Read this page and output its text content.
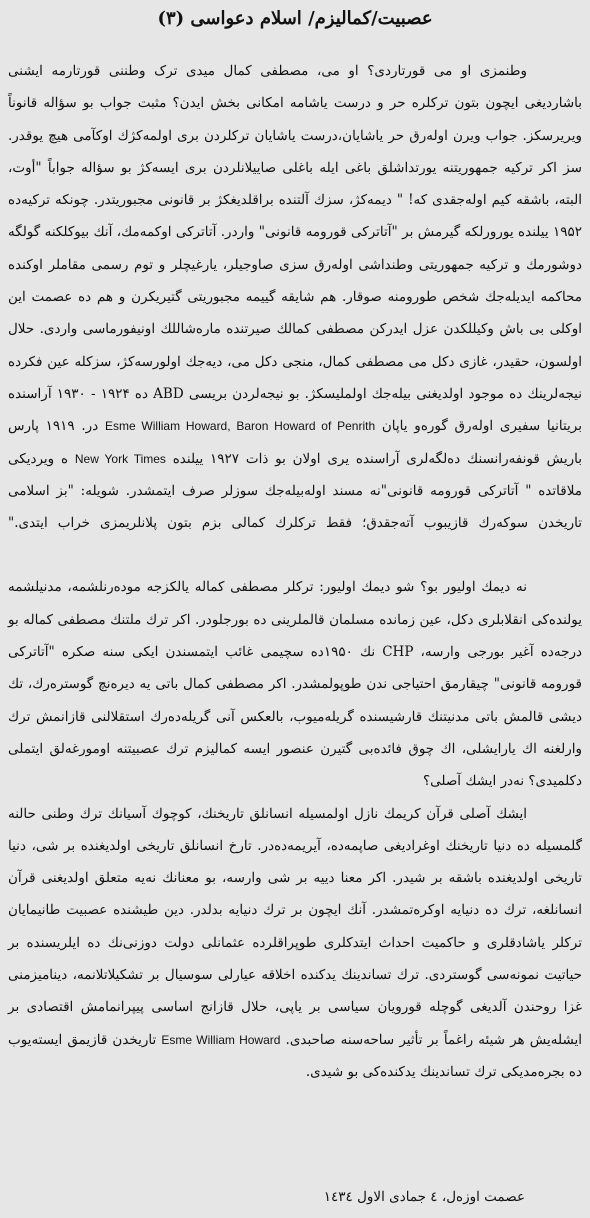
عصبیت/کمالیزم/ اسلام دعواسی (۳)

وطنمزی او می قورتاردی؟ او می، مصطفی کمال میدی ترک وطننی قورتارمه ایشنی باشاردیغی ایچون بتون ترکلره حر و درست یاشامه امکانی بخش ایدن؟ مثبت جواب بو سؤاله قانوناً ویریرسکز. جواب ویرن اولەرق حر یاشایان،درست یاشایان ترکلردن بری اولمەکژك اوکآمی هیچ یوقدر. سز اکر ترکیه جمهوریتنه یورتداشلق باغی ایله باغلی صاییلانلردن بری ایسەکژ بو سؤاله جواباً "أوت، البته، باشقه کیم اولەجقدی که! " دیمەکژ، سزك آلتنده براقلدیغکژ بر قانونی مجبوریتدر. چونکه ترکیەده ۱۹۵۲ ییلنده یورورلکه گیرمش بر "آتاترکی قورومه قانونی" واردر. آتاترکی اوکمەمك، آنك بیوکلکنه گولگه دوشورمك و ترکیه جمهوریتی وطنداشی اولەرق سزی صاوجیلر، یارغیچلر و توم رسمی مقاملر اوكنده محاکمه ایدیلەجك شخص طورومنه صوقار. هم شایقه گییمه مجبوریتی گتیریکرن و هم ده عصمت این اوکلی بی باش وکیللکدن عزل ایدرکن مصطفی کمالك صیرتنده مارەشاللك اونیفورماسی واردی. حلال اولسون، حقیدر، غازی دکل می مصطفی کمال، منجی دکل می، دیەجك اولورسەکژ، سزکله عین فکرده نیجەلرینك ده موجود اولدیغنی بیلەجك اولملیسکژ. بو نیجەلردن بریسی ABD ده ۱۹۲۴ - ۱۹۳۰ آراسنده بریتانیا سفیری اولەرق گورەو یاپان Esme William Howard, Baron Howard of Penrith در. ۱۹۱۹ پارس باریش قونفەرانسنك دەلگەلری آراسنده یری اولان بو ذات ۱۹۲۷ ییلنده New York Times ه ویردیکی ملاقاتده " آتاترکی قورومه قانونی"نه مسند اولەبیلەجك سوزلر صرف ایتمشدر. شویله: "بز اسلامی تاریخدن سوکەرك قازیبوب آتەجقدق؛ فقط ترکلرك کمالی بزم بتون پلانلریمزی خراب ایتدی."

نه دیمك اولیور بو؟ شو دیمك اولیور: ترکلر مصطفی کماله یالکزجه مودەرنلشمه، مدنیلشمه یولندەکی انقلابلری دکل، عین زمانده مسلمان قالملرینی ده بورجلودر. اکر ترك ملتنك مصطفی کماله بو درجەده آغیر بورجی وارسه، CHP نك ۱۹۵۰ده سچیمی غائب ایتمسندن ایکی سنه صکره "آتاترکی قورومه قانونی" چیقارمق احتیاجی ندن طوپولمشدر. اکر مصطفی کمال باتی یه دیرەنچ گوسترەرك، تك دیشی قالمش باتی مدنیتنك قارشیسنده گریلەمیوب، بالعکس آنی گریلەدەرك استقلالنی قازانمش ترك وارلغنه اك یارایشلی، اك چوق فائدەبی گتیرن عنصور ایسه کمالیزم ترك عصبیتنه اومورغەلق ایتملی دکلمیدی؟ نەدر ایشك آصلی؟

ایشك آصلی قرآن کریمك نازل اولمسیله انسانلق تاریخنك، کوچوك آسیانك ترك وطنی حالنه گلمسیله ده دنیا تاریخنك اوغراديغی صاپمەده، آیریمەدەدر. تارخ انسانلق تاریخی اولدیغنده بر شی، دنیا تاریخی اولدیغنده باشقه بر شیدر. اکر معنا دییه بر شی وارسه، بو معنانك نەیه متعلق اولدیغنی قرآن انسانلغه، ترك ده دنیایه اوکرەتمشدر. آنك ایچون بر ترك دنیایه بدلدر. دین طیشنده عصبیت طانیمایان ترکلر یاشادقلری و حاکمیت احداث ایتدکلری طوپراقلرده عثمانلی دولت دوزنی‌نك ده ایلریسنده بر حیاتیت نمونەسی گوستردی. ترك تساندینك یدکنده اخلاقه عیارلی سوسیال بر تشکیلاتلانمه، دینامیزمنی غزا روحندن آلدیغی گوچله قورویان سیاسی بر یاپی، حلال قازانج اساسی پیپرانمامش اقتصادی بر ایشلەیش هر شیئه راغماً بر تأثیر ساحەسنه صاحبدی. Esme William Howard تاریخدن قازیمق ایستەیوب ده بجرەمدیکی ترك تساندینك یدکندەکی بو شیدی.

عصمت اوزەل، ٤ جمادی الاول ١٤٣٤
